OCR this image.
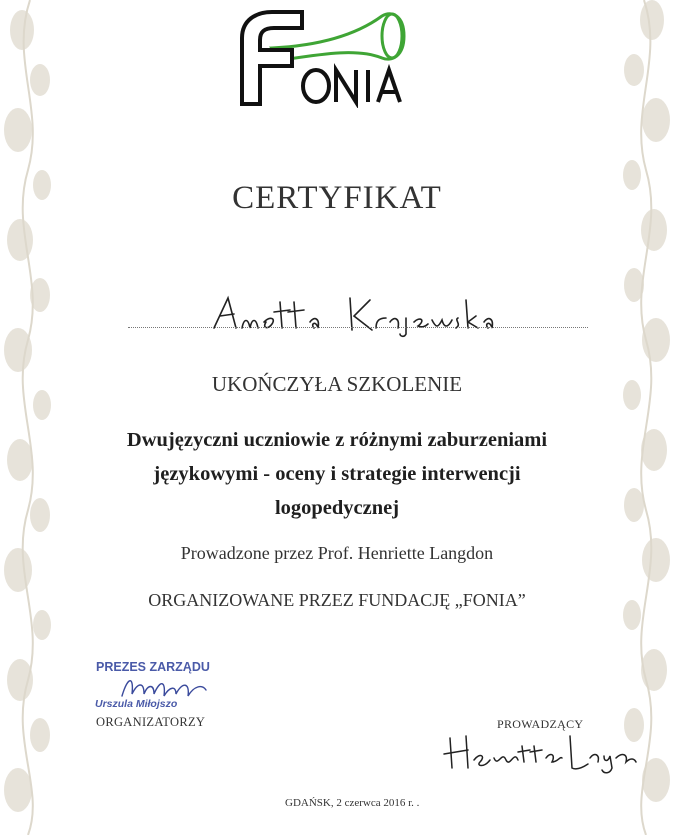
CERTYFIKAT
UKOŃCZYŁA SZKOLENIE
Dwujęzyczni uczniowie z różnymi zaburzeniami
językowymi - oceny i strategie interwencji
logopedycznej
Prowadzone przez Prof. Henriette Langdon
ORGANIZOWANE PRZEZ FUNDACJĘ „FONIA”
PREZES ZARZĄDU
Urszula Miłojszo
ORGANIZATORZY	PROWADZĄCY
GDAŃSK, 2 czerwca 2016 r. .
